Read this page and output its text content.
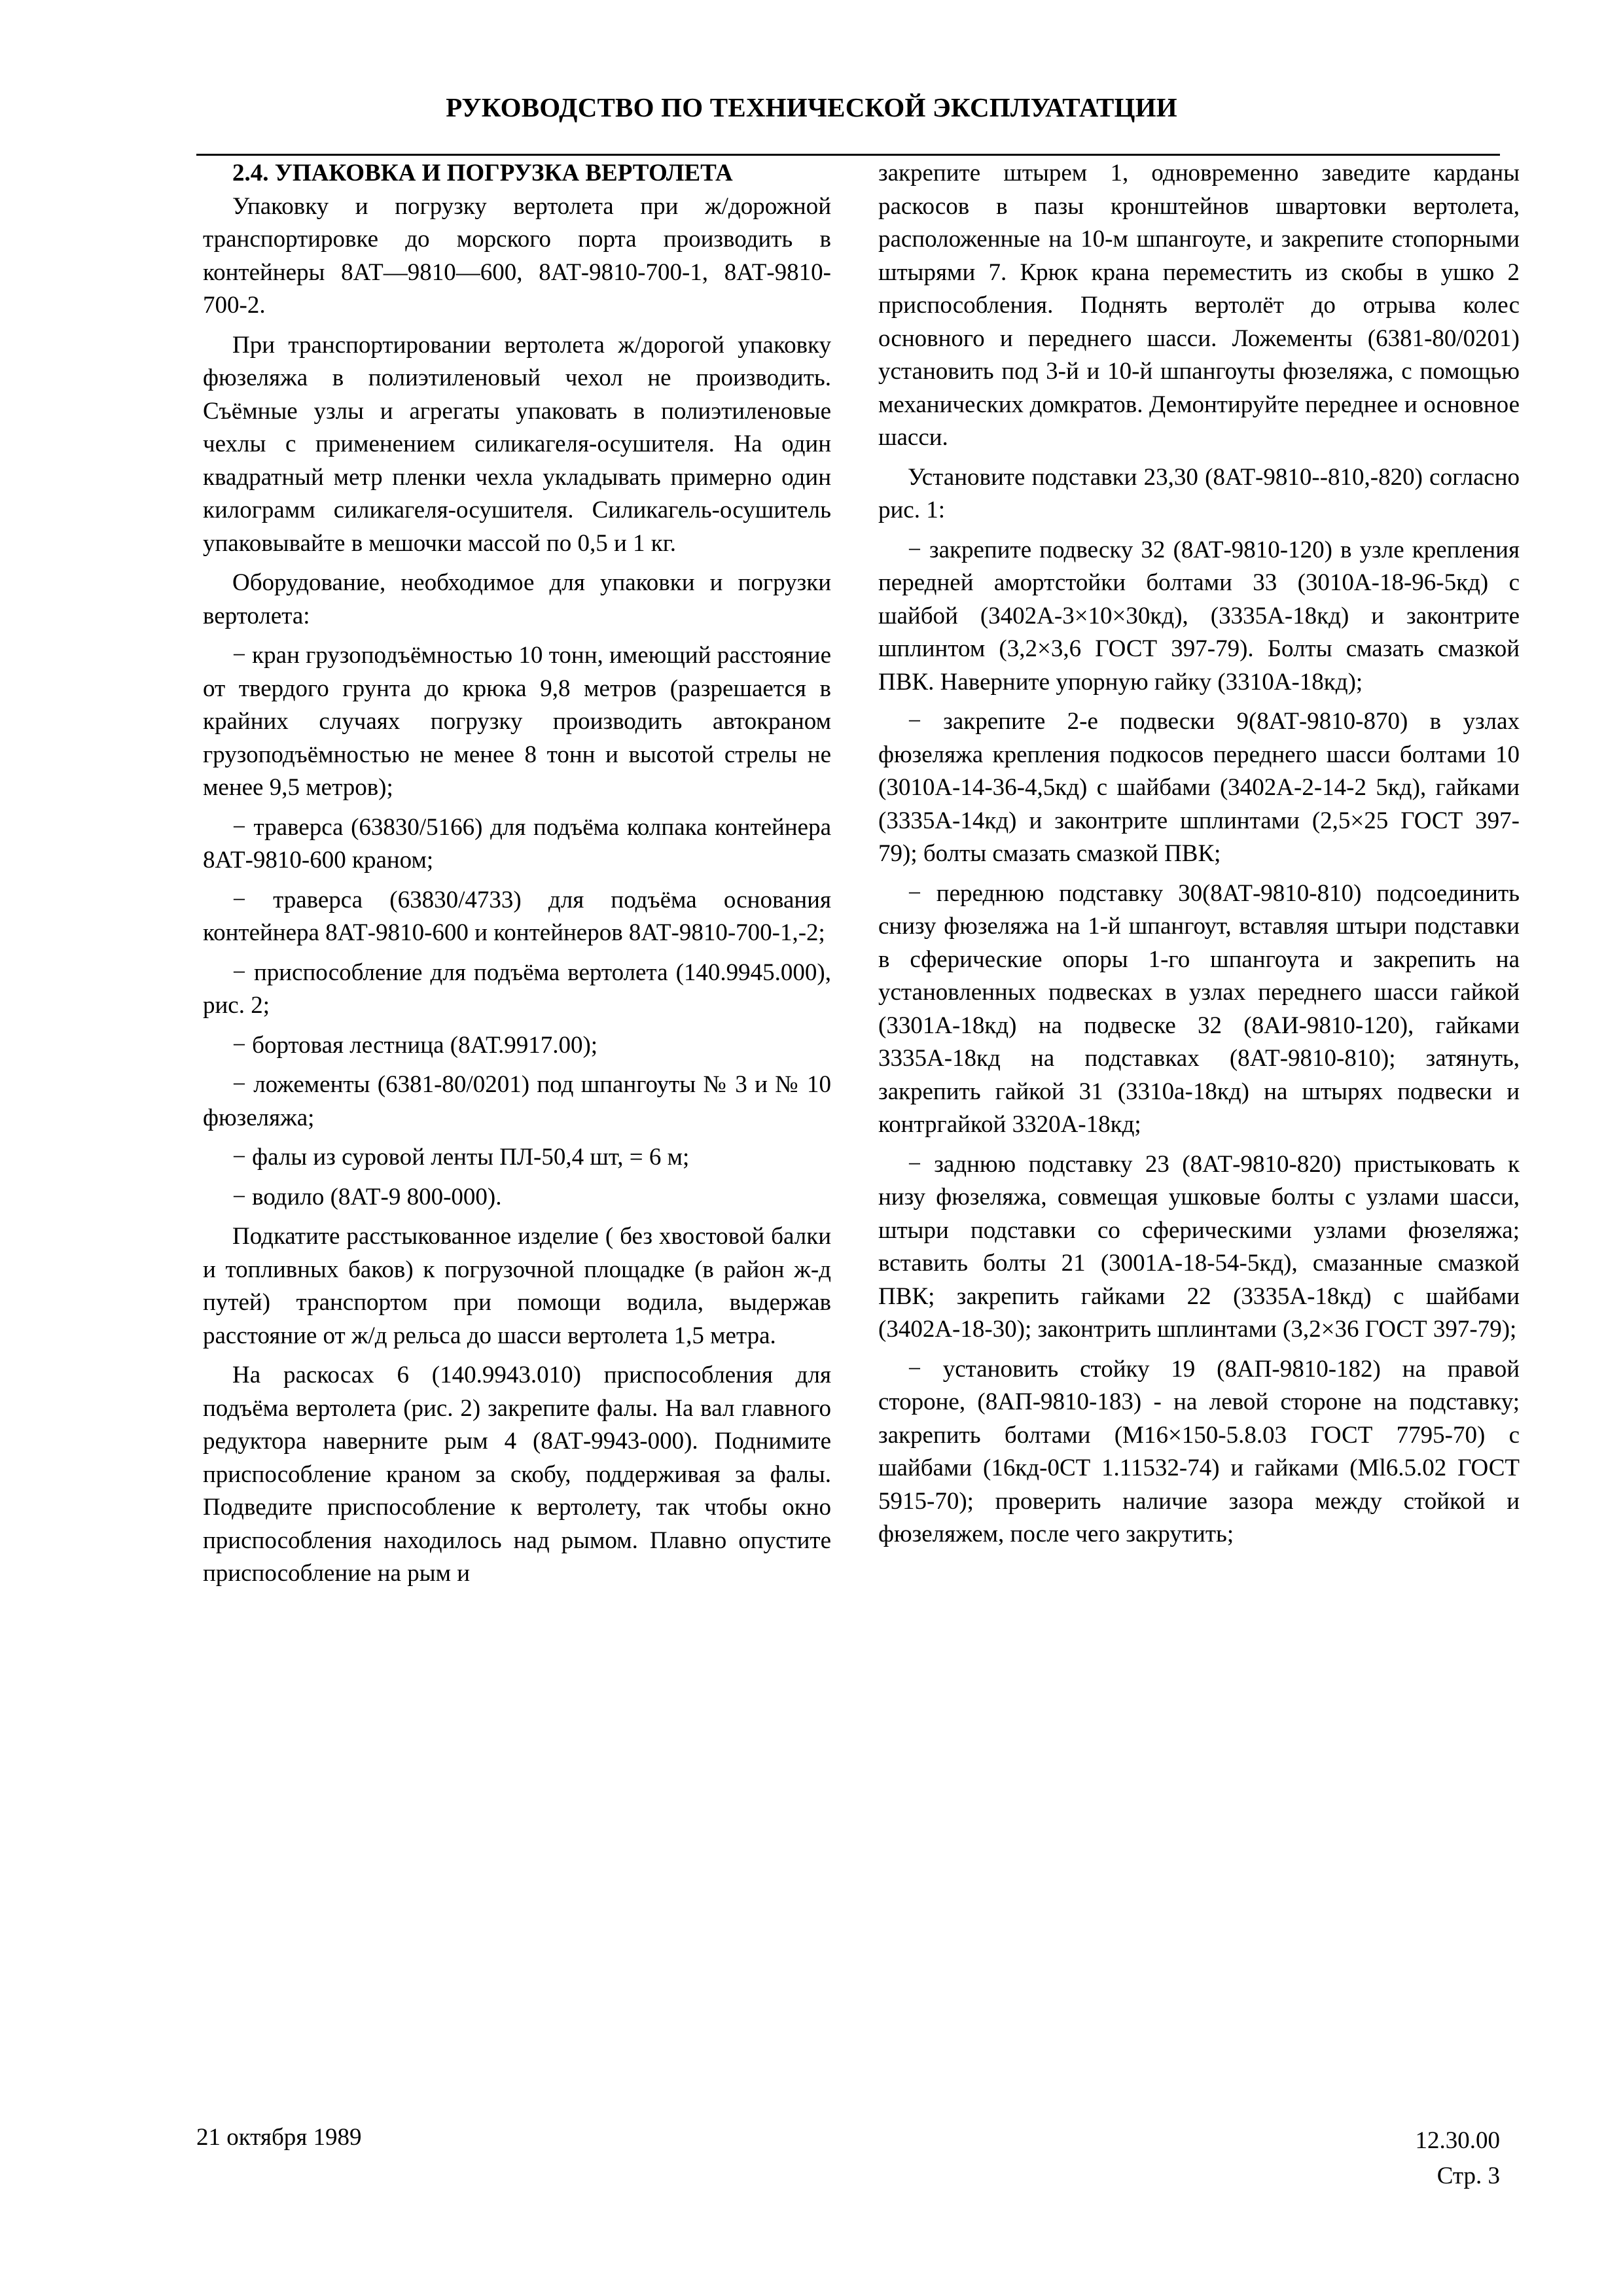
РУКОВОДСТВО ПО ТЕХНИЧЕСКОЙ ЭКСПЛУАТАТЦИИ
2.4. УПАКОВКА И ПОГРУЗКА ВЕРТОЛЕТА

Упаковку и погрузку вертолета при ж/дорожной транспортировке до морского порта производить в контейнеры 8АТ—9810—600, 8АТ-9810-700-1, 8АТ-9810-700-2.

При транспортировании вертолета ж/дорогой упаковку фюзеляжа в полиэтиленовый чехол не производить. Съёмные узлы и агрегаты упаковать в полиэтиленовые чехлы с применением силикагеля-осушителя. На один квадратный метр пленки чехла укладывать примерно один килограмм силикагеля-осушителя. Силикагель-осушитель упаковывайте в мешочки массой по 0,5 и 1 кг.

Оборудование, необходимое для упаковки и погрузки вертолета:

− кран грузоподъёмностью 10 тонн, имеющий расстояние от твердого грунта до крюка 9,8 метров (разрешается в крайних случаях погрузку производить автокраном грузоподъёмностью не менее 8 тонн и высотой стрелы не менее 9,5 метров);

− траверса (63830/5166) для подъёма колпака контейнера 8АТ-9810-600 краном;

− траверса (63830/4733) для подъёма основания контейнера 8АТ-9810-600 и контейнеров 8АТ-9810-700-1,-2;

− приспособление для подъёма вертолета (140.9945.000), рис. 2;

− бортовая лестница (8АТ.9917.00);

− ложементы (6381-80/0201) под шпангоуты № 3 и № 10 фюзеляжа;

− фалы из суровой ленты ПЛ-50,4 шт, = 6 м;

− водило (8АТ-9 800-000).

Подкатите расстыкованное изделие ( без хвостовой балки и топливных баков) к погрузочной площадке (в район ж-д путей) транспортом при помощи водила, выдержав расстояние от ж/д рельса до шасси вертолета 1,5 метра.

На раскосах 6 (140.9943.010) приспособления для подъёма вертолета (рис. 2) закрепите фалы. На вал главного редуктора наверните рым 4 (8АТ-9943-000). Поднимите приспособление краном за скобу, поддерживая за фалы. Подведите приспособление к вертолету, так чтобы окно приспособления находилось над рымом. Плавно опустите приспособление на рым и

закрепите штырем 1, одновременно заведите карданы раскосов в пазы кронштейнов швартовки вертолета, расположенные на 10-м шпангоуте, и закрепите стопорными штырями 7. Крюк крана переместить из скобы в ушко 2 приспособления. Поднять вертолёт до отрыва колес основного и переднего шасси. Ложементы (6381-80/0201) установить под 3-й и 10-й шпангоуты фюзеляжа, с помощью механических домкратов. Демонтируйте переднее и основное шасси.

Установите подставки 23,30 (8АТ-9810--810,-820) согласно рис. 1:

− закрепите подвеску 32 (8АТ-9810-120) в узле крепления передней амортстойки болтами 33 (3010А-18-96-5кд) с шайбой (3402А-3×10×30кд), (3335А-18кд) и законтрите шплинтом (3,2×3,6 ГОСТ 397-79). Болты смазать смазкой ПВК. Наверните упорную гайку (3310А-18кд);

− закрепите 2-е подвески 9(8АТ-9810-870) в узлах фюзеляжа крепления подкосов переднего шасси болтами 10 (3010А-14-36-4,5кд) с шайбами (3402А-2-14-2 5кд), гайками (3335А-14кд) и законтрите шплинтами (2,5×25 ГОСТ 397-79); болты смазать смазкой ПВК;

− переднюю подставку 30(8АТ-9810-810) подсоединить снизу фюзеляжа на 1-й шпангоут, вставляя штыри подставки в сферические опоры 1-го шпангоута и закрепить на установленных подвесках в узлах переднего шасси гайкой (3301А-18кд) на подвеске 32 (8АИ-9810-120), гайками 3335А-18кд на подставках (8АТ-9810-810); затянуть, закрепить гайкой 31 (3310а-18кд) на штырях подвески и контргайкой 3320А-18кд;

− заднюю подставку 23 (8АТ-9810-820) пристыковать к низу фюзеляжа, совмещая ушковые болты с узлами шасси, штыри подставки со сферическими узлами фюзеляжа; вставить болты 21 (3001А-18-54-5кд), смазанные смазкой ПВК; закрепить гайками 22 (3335А-18кд) с шайбами (3402А-18-30); законтрить шплинтами (3,2×36 ГОСТ 397-79);

− установить стойку 19 (8АП-9810-182) на правой стороне, (8АП-9810-183) - на левой стороне на подставку; закрепить болтами (М16×150-5.8.03 ГОСТ 7795-70) с шайбами (16кд-0СТ 1.11532-74) и гайками (Ml6.5.02 ГОСТ 5915-70); проверить наличие зазора между стойкой и фюзеляжем, после чего закрутить;

21 октября 1989	12.30.00
Стр. 3
